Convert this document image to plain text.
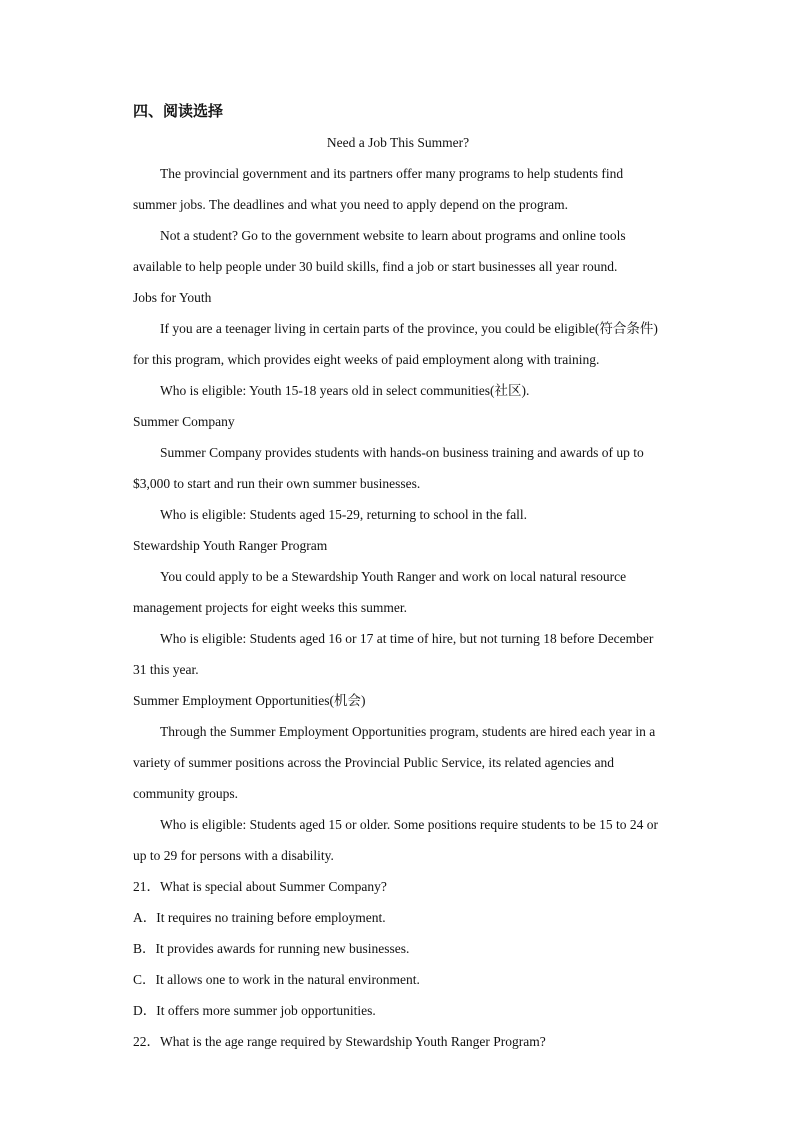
四、阅读选择
Need a Job This Summer?

The provincial government and its partners offer many programs to help students find summer jobs. The deadlines and what you need to apply depend on the program.

Not a student? Go to the government website to learn about programs and online tools available to help people under 30 build skills, find a job or start businesses all year round.

Jobs for Youth

If you are a teenager living in certain parts of the province, you could be eligible(符合条件) for this program, which provides eight weeks of paid employment along with training.

Who is eligible: Youth 15-18 years old in select communities(社区).

Summer Company

Summer Company provides students with hands-on business training and awards of up to $3,000 to start and run their own summer businesses.

Who is eligible: Students aged 15-29, returning to school in the fall.

Stewardship Youth Ranger Program

You could apply to be a Stewardship Youth Ranger and work on local natural resource management projects for eight weeks this summer.

Who is eligible: Students aged 16 or 17 at time of hire, but not turning 18 before December 31 this year.

Summer Employment Opportunities(机会)

Through the Summer Employment Opportunities program, students are hired each year in a variety of summer positions across the Provincial Public Service, its related agencies and community groups.

Who is eligible: Students aged 15 or older. Some positions require students to be 15 to 24 or up to 29 for persons with a disability.

21．What is special about Summer Company?
A．It requires no training before employment.
B．It provides awards for running new businesses.
C．It allows one to work in the natural environment.
D．It offers more summer job opportunities.
22．What is the age range required by Stewardship Youth Ranger Program?
